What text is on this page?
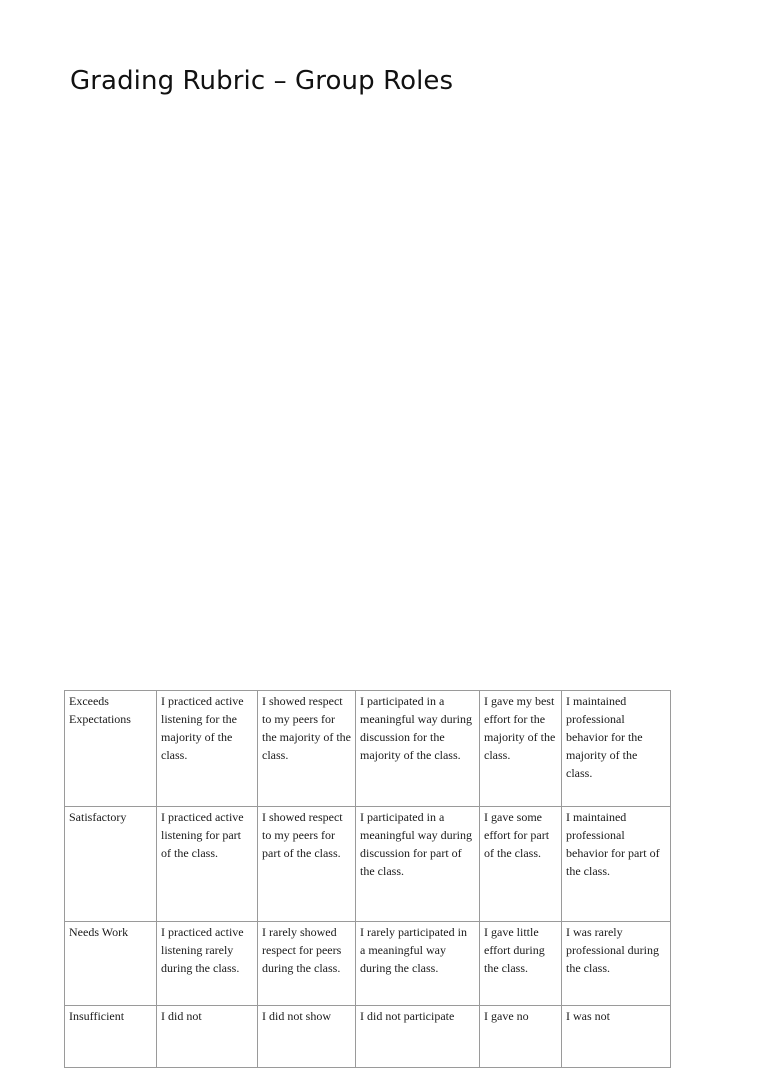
Grading Rubric – Group Roles
Exceeds Expectations	I practiced active listening for the majority of the class.	I showed respect to my peers for the majority of the class.	I participated in a meaningful way during discussion for the majority of the class.	I gave my best effort for the majority of the class.	I maintained professional behavior for the majority of the class.

Satisfactory	I practiced active listening for part of the class.	I showed respect to my peers for part of the class.	I participated in a meaningful way during discussion for part of the class.	I gave some effort for part of the class.	I maintained professional behavior for part of the class.

Needs Work	I practiced active listening rarely during the class.	I rarely showed respect for peers during the class.	I rarely participated in a meaningful way during the class.	I gave little effort during the class.	I was rarely professional during the class.

Insufficient	I did not	I did not show	I did not participate	I gave no	I was not
